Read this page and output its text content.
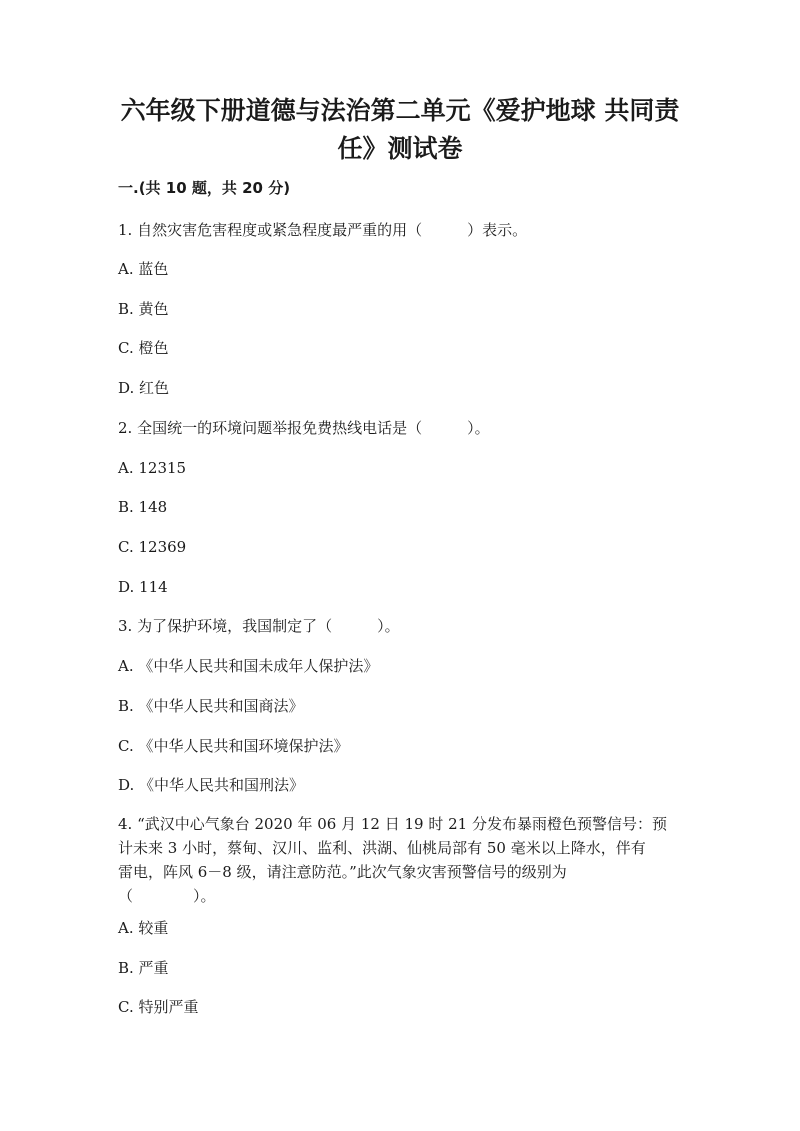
六年级下册道德与法治第二单元《爱护地球 共同责
任》测试卷

一.(共 10 题，共 20 分)

1. 自然灾害危害程度或紧急程度最严重的用（　　　）表示。

A. 蓝色

B. 黄色

C. 橙色

D. 红色

2. 全国统一的环境问题举报免费热线电话是（　　　）。

A. 12315

B. 148

C. 12369

D. 114

3. 为了保护环境，我国制定了（　　　）。

A. 《中华人民共和国未成年人保护法》

B. 《中华人民共和国商法》

C. 《中华人民共和国环境保护法》

D. 《中华人民共和国刑法》

4. “武汉中心气象台 2020 年 06 月 12 日 19 时 21 分发布暴雨橙色预警信号：预
计未来 3 小时，蔡甸、汉川、监利、洪湖、仙桃局部有 50 毫米以上降水，伴有
雷电，阵风 6－8 级，请注意防范。”此次气象灾害预警信号的级别为
（　　　　）。

A. 较重

B. 严重

C. 特别严重
